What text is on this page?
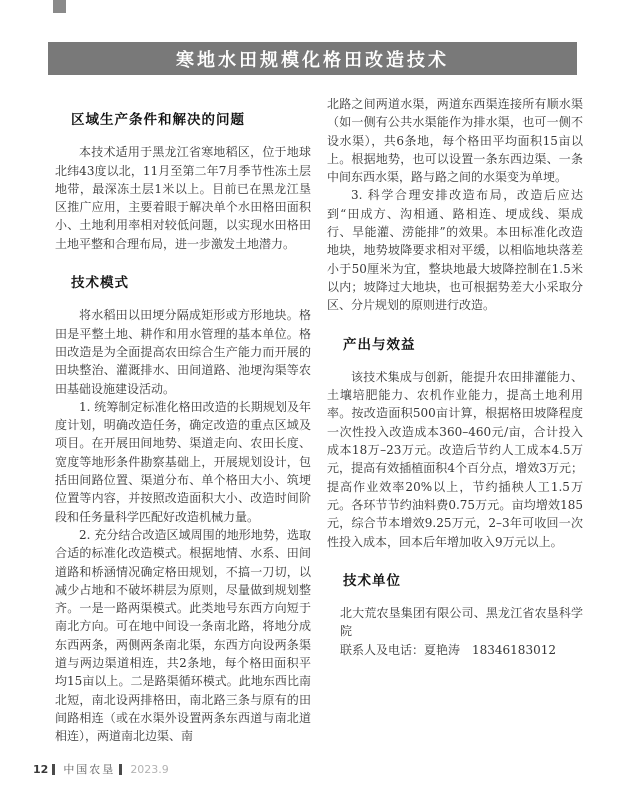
寒地水田规模化格田改造技术
区域生产条件和解决的问题

本技术适用于黑龙江省寒地稻区，位于地球北纬43度以北，11月至第二年7月季节性冻土层地带，最深冻土层1米以上。目前已在黑龙江垦区推广应用，主要着眼于解决单个水田格田面积小、土地利用率相对较低问题，以实现水田格田土地平整和合理布局，进一步激发土地潜力。

技术模式

将水稻田以田埂分隔成矩形或方形地块。格田是平整土地、耕作和用水管理的基本单位。格田改造是为全面提高农田综合生产能力而开展的田块整治、灌溉排水、田间道路、池埂沟渠等农田基础设施建设活动。

1. 统筹制定标准化格田改造的长期规划及年度计划，明确改造任务，确定改造的重点区域及项目。在开展田间地势、渠道走向、农田长度、宽度等地形条件勘察基础上，开展规划设计，包括田间路位置、渠道分布、单个格田大小、筑埂位置等内容，并按照改造面积大小、改造时间阶段和任务量科学匹配好改造机械力量。

2. 充分结合改造区域周围的地形地势，选取合适的标准化改造模式。根据地情、水系、田间道路和桥涵情况确定格田规划，不搞一刀切，以减少占地和不破坏耕层为原则，尽量做到规划整齐。一是一路两渠模式。此类地号东西方向短于南北方向。可在地中间设一条南北路，将地分成东西两条，两侧两条南北渠，东西方向设两条渠道与两边渠道相连，共2条地，每个格田面积平均15亩以上。二是路渠循环模式。此地东西比南北短，南北设两排格田，南北路三条与原有的田间路相连（或在水渠外设置两条东西道与南北道相连），两道南北边渠、南

北路之间两道水渠，两道东西渠连接所有顺水渠（如一侧有公共水渠能作为排水渠，也可一侧不设水渠），共6条地，每个格田平均面积15亩以上。根据地势，也可以设置一条东西边渠、一条中间东西水渠，路与路之间的水渠变为单埂。

3. 科学合理安排改造布局，改造后应达到“田成方、沟相通、路相连、埂成线、渠成行、旱能灌、涝能排”的效果。本田标准化改造地块，地势坡降要求相对平缓，以相临地块落差小于50厘米为宜，整块地最大坡降控制在1.5米以内；坡降过大地块，也可根据势差大小采取分区、分片规划的原则进行改造。

产出与效益

该技术集成与创新，能提升农田排灌能力、土壤培肥能力、农机作业能力，提高土地利用率。按改造面积500亩计算，根据格田坡降程度一次性投入改造成本360–460元/亩，合计投入成本18万–23万元。改造后节约人工成本4.5万元，提高有效插植面积4个百分点，增效3万元；提高作业效率20%以上，节约插秧人工1.5万元。各环节节约油料费0.75万元。亩均增效185元，综合节本增效9.25万元，2–3年可收回一次性投入成本，回本后年增加收入9万元以上。

技术单位

北大荒农垦集团有限公司、黑龙江省农垦科学院

联系人及电话：夏艳涛　18346183012

12 中国农垦 2023.9
